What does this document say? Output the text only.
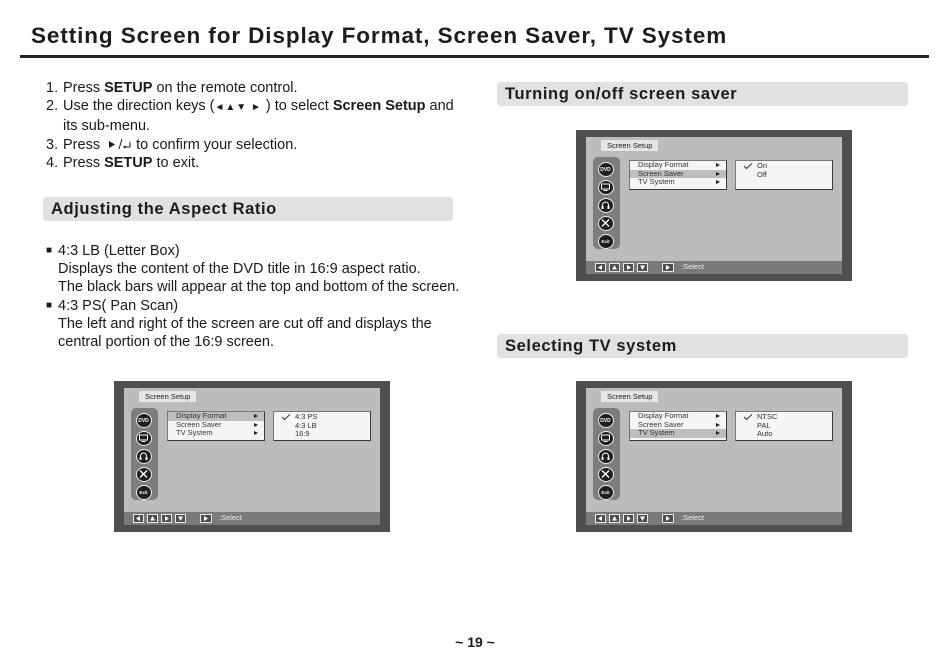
Setting Screen for Display Format, Screen Saver, TV System
1. Press SETUP on the remote control.
2. Use the direction keys (◄▲▼ ► ) to select Screen Setup and
its sub-menu.
3. Press  to confirm your selection.
4. Press SETUP to exit.
Adjusting the Aspect Ratio
Turning on/off screen saver
Selecting TV system
■ 4:3 LB (Letter Box)
Displays the content of the DVD title in 16:9 aspect ratio.
The black bars will appear at the top and bottom of the screen.
■ 4:3 PS( Pan Scan)
The left and right of the screen are cut off and displays the
central portion of the 16:9 screen.
Screen Setup
DVD
Exit
Display Format
Screen Saver
TV System
4:3 PS
4:3 LB
16:9
:Select
Screen Setup
DVD
Exit
Display Format
Screen Saver
TV System
On
Off
:Select
Screen Setup
DVD
Exit
Display Format
Screen Saver
TV System
NTSC
PAL
Auto
:Select
~ 19 ~
